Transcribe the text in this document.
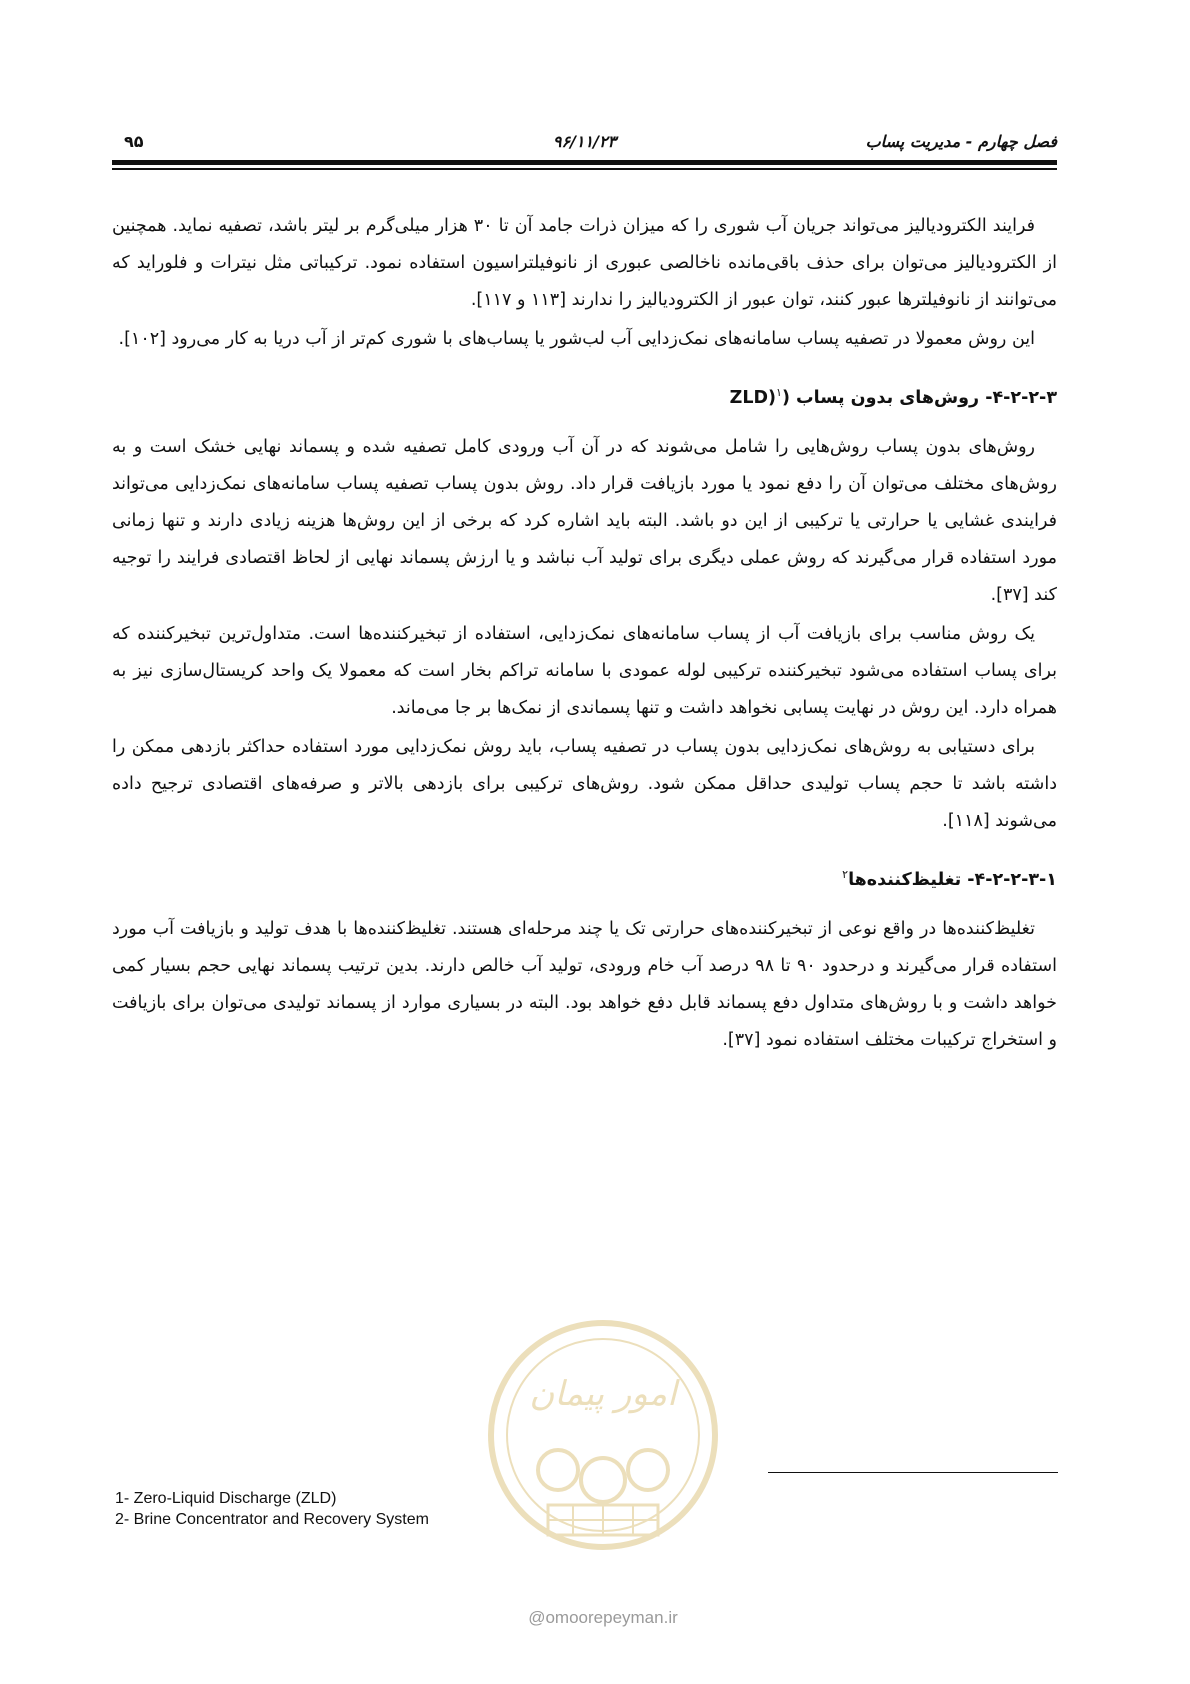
فصل چهارم - مدیریت پساب
۹۶/۱۱/۲۳
۹۵

فرایند الکترودیالیز می‌تواند جریان آب شوری را که میزان ذرات جامد آن تا ۳۰ هزار میلی‌گرم بر لیتر باشد، تصفیه نماید. همچنین از الکترودیالیز می‌توان برای حذف باقی‌مانده ناخالصی عبوری از نانوفیلتراسیون استفاده نمود. ترکیباتی مثل نیترات و فلوراید که می‌توانند از نانوفیلترها عبور کنند، توان عبور از الکترودیالیز را ندارند [۱۱۳ و ۱۱۷].

این روش معمولا در تصفیه پساب سامانه‌های نمک‌زدایی آب لب‌شور یا پساب‌های با شوری کم‌تر از آب دریا به کار می‌رود [۱۰۲].

۴-۲-۲-۳- روش‌های بدون پساب (ZLD)$^۱$

روش‌های بدون پساب روش‌هایی را شامل می‌شوند که در آن آب ورودی کامل تصفیه شده و پسماند نهایی خشک است و به روش‌های مختلف می‌توان آن را دفع نمود یا مورد بازیافت قرار داد. روش بدون پساب تصفیه پساب سامانه‌های نمک‌زدایی می‌تواند فرایندی غشایی یا حرارتی یا ترکیبی از این دو باشد. البته باید اشاره کرد که برخی از این روش‌ها هزینه زیادی دارند و تنها زمانی مورد استفاده قرار می‌گیرند که روش عملی دیگری برای تولید آب نباشد و یا ارزش پسماند نهایی از لحاظ اقتصادی فرایند را توجیه کند [۳۷].

یک روش مناسب برای بازیافت آب از پساب سامانه‌های نمک‌زدایی، استفاده از تبخیرکننده‌ها است. متداول‌ترین تبخیرکننده که برای پساب استفاده می‌شود تبخیرکننده ترکیبی لوله عمودی با سامانه تراکم بخار است که معمولا یک واحد کریستال‌سازی نیز به همراه دارد. این روش در نهایت پسابی نخواهد داشت و تنها پسماندی از نمک‌ها بر جا می‌ماند.

برای دستیابی به روش‌های نمک‌زدایی بدون پساب در تصفیه پساب، باید روش نمک‌زدایی مورد استفاده حداکثر بازدهی ممکن را داشته باشد تا حجم پساب تولیدی حداقل ممکن شود. روش‌های ترکیبی برای بازدهی بالاتر و صرفه‌های اقتصادی ترجیح داده می‌شوند [۱۱۸].

۴-۲-۲-۳-۱- تغلیظ‌کننده‌ها$^۲$

تغلیظ‌کننده‌ها در واقع نوعی از تبخیرکننده‌های حرارتی تک یا چند مرحله‌ای هستند. تغلیظ‌کننده‌ها با هدف تولید و بازیافت آب مورد استفاده قرار می‌گیرند و درحدود ۹۰ تا ۹۸ درصد آب خام ورودی، تولید آب خالص دارند. بدین ترتیب پسماند نهایی حجم بسیار کمی خواهد داشت و با روش‌های متداول دفع پسماند قابل دفع خواهد بود. البته در بسیاری موارد از پسماند تولیدی می‌توان برای بازیافت و استخراج ترکیبات مختلف استفاده نمود [۳۷].

امور پیمان
1- Zero-Liquid Discharge (ZLD)
2- Brine Concentrator and Recovery System
@omoorepeyman.ir
